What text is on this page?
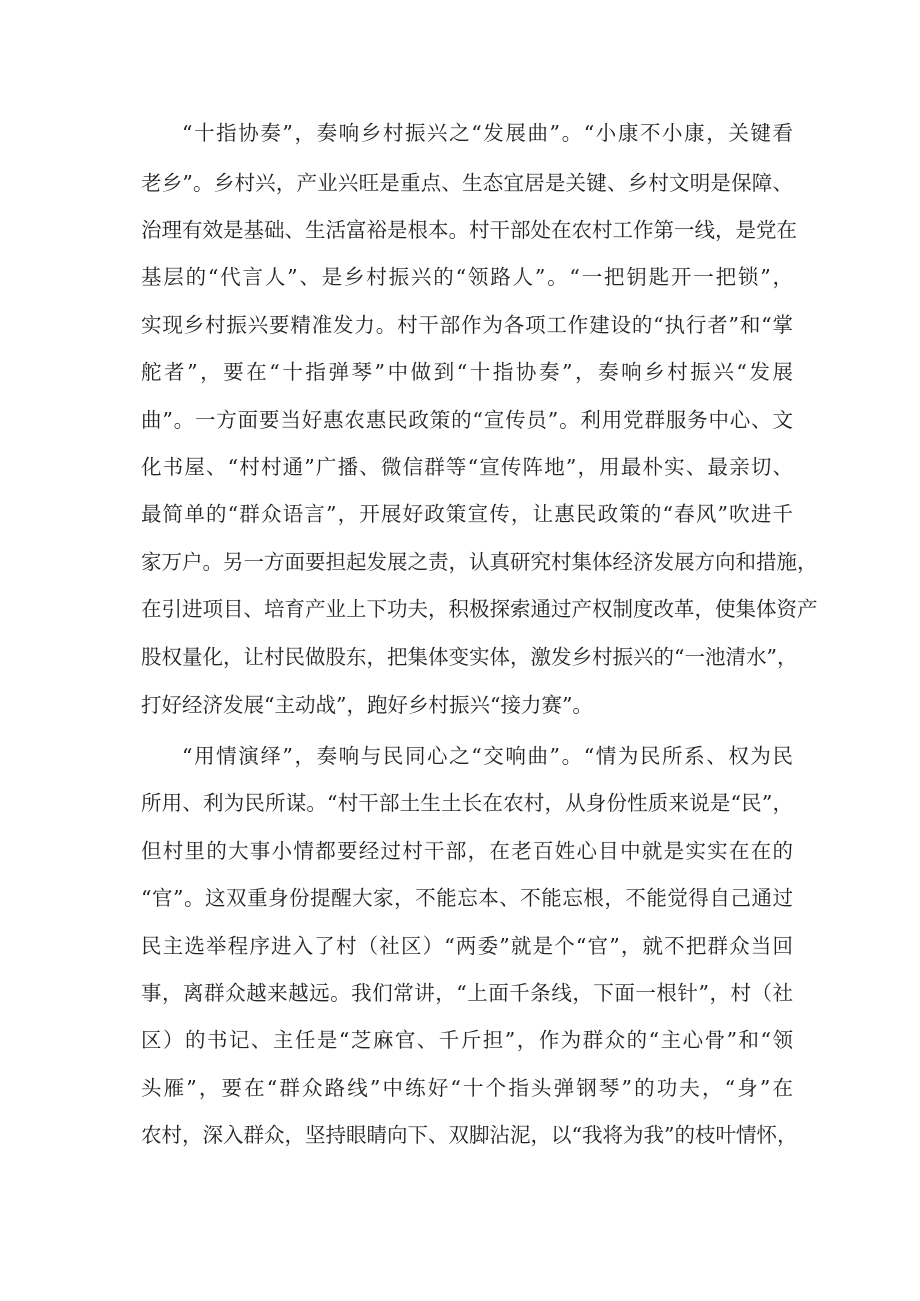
“十指协奏”，奏响乡村振兴之“发展曲”。“小康不小康，关键看
老乡”。乡村兴，产业兴旺是重点、生态宜居是关键、乡村文明是保障、
治理有效是基础、生活富裕是根本。村干部处在农村工作第一线，是党在
基层的“代言人”、是乡村振兴的“领路人”。“一把钥匙开一把锁”，
实现乡村振兴要精准发力。村干部作为各项工作建设的“执行者”和“掌
舵者”，要在“十指弹琴”中做到“十指协奏”，奏响乡村振兴“发展
曲”。一方面要当好惠农惠民政策的“宣传员”。利用党群服务中心、文
化书屋、“村村通”广播、微信群等“宣传阵地”，用最朴实、最亲切、
最简单的“群众语言”，开展好政策宣传，让惠民政策的“春风”吹进千
家万户。另一方面要担起发展之责，认真研究村集体经济发展方向和措施，
在引进项目、培育产业上下功夫，积极探索通过产权制度改革，使集体资产
股权量化，让村民做股东，把集体变实体，激发乡村振兴的“一池清水”，
打好经济发展“主动战”，跑好乡村振兴“接力赛”。
“用情演绎”，奏响与民同心之“交响曲”。“情为民所系、权为民
所用、利为民所谋。“村干部土生土长在农村，从身份性质来说是“民”，
但村里的大事小情都要经过村干部，在老百姓心目中就是实实在在的
“官”。这双重身份提醒大家，不能忘本、不能忘根，不能觉得自己通过
民主选举程序进入了村（社区）“两委”就是个“官”，就不把群众当回
事，离群众越来越远。我们常讲，“上面千条线，下面一根针”，村（社
区）的书记、主任是“芝麻官、千斤担”，作为群众的“主心骨”和“领
头雁”，要在“群众路线”中练好“十个指头弹钢琴”的功夫，“身”在
农村，深入群众，坚持眼睛向下、双脚沾泥，以“我将为我”的枝叶情怀，
